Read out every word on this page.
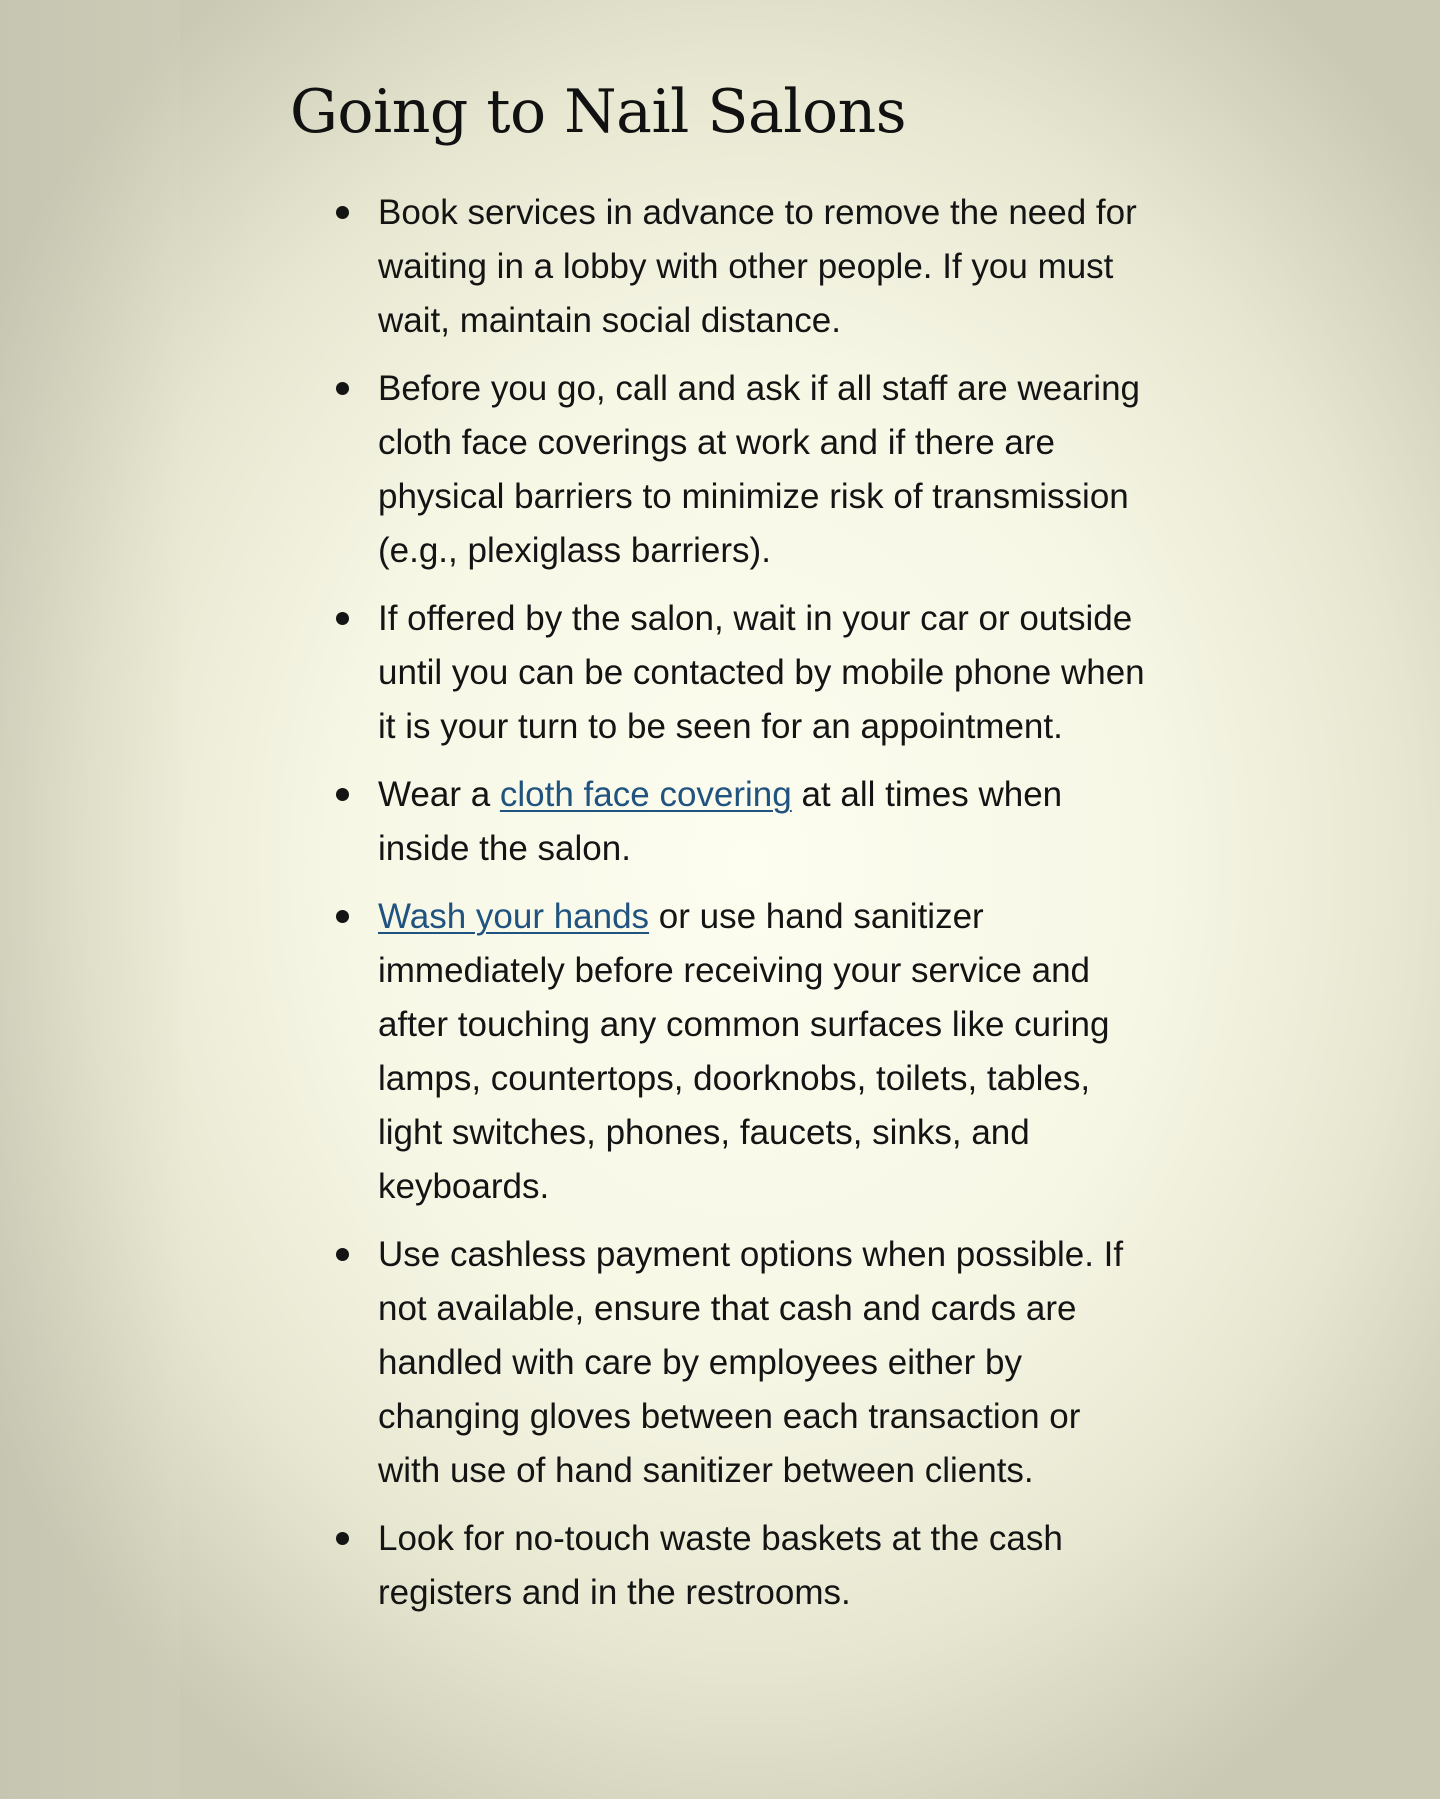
Going to Nail Salons
Book services in advance to remove the need for waiting in a lobby with other people. If you must wait, maintain social distance.
Before you go, call and ask if all staff are wearing cloth face coverings at work and if there are physical barriers to minimize risk of transmission (e.g., plexiglass barriers).
If offered by the salon, wait in your car or outside until you can be contacted by mobile phone when it is your turn to be seen for an appointment.
Wear a cloth face covering at all times when inside the salon.
Wash your hands or use hand sanitizer immediately before receiving your service and after touching any common surfaces like curing lamps, countertops, doorknobs, toilets, tables, light switches, phones, faucets, sinks, and keyboards.
Use cashless payment options when possible. If not available, ensure that cash and cards are handled with care by employees either by changing gloves between each transaction or with use of hand sanitizer between clients.
Look for no-touch waste baskets at the cash registers and in the restrooms.
